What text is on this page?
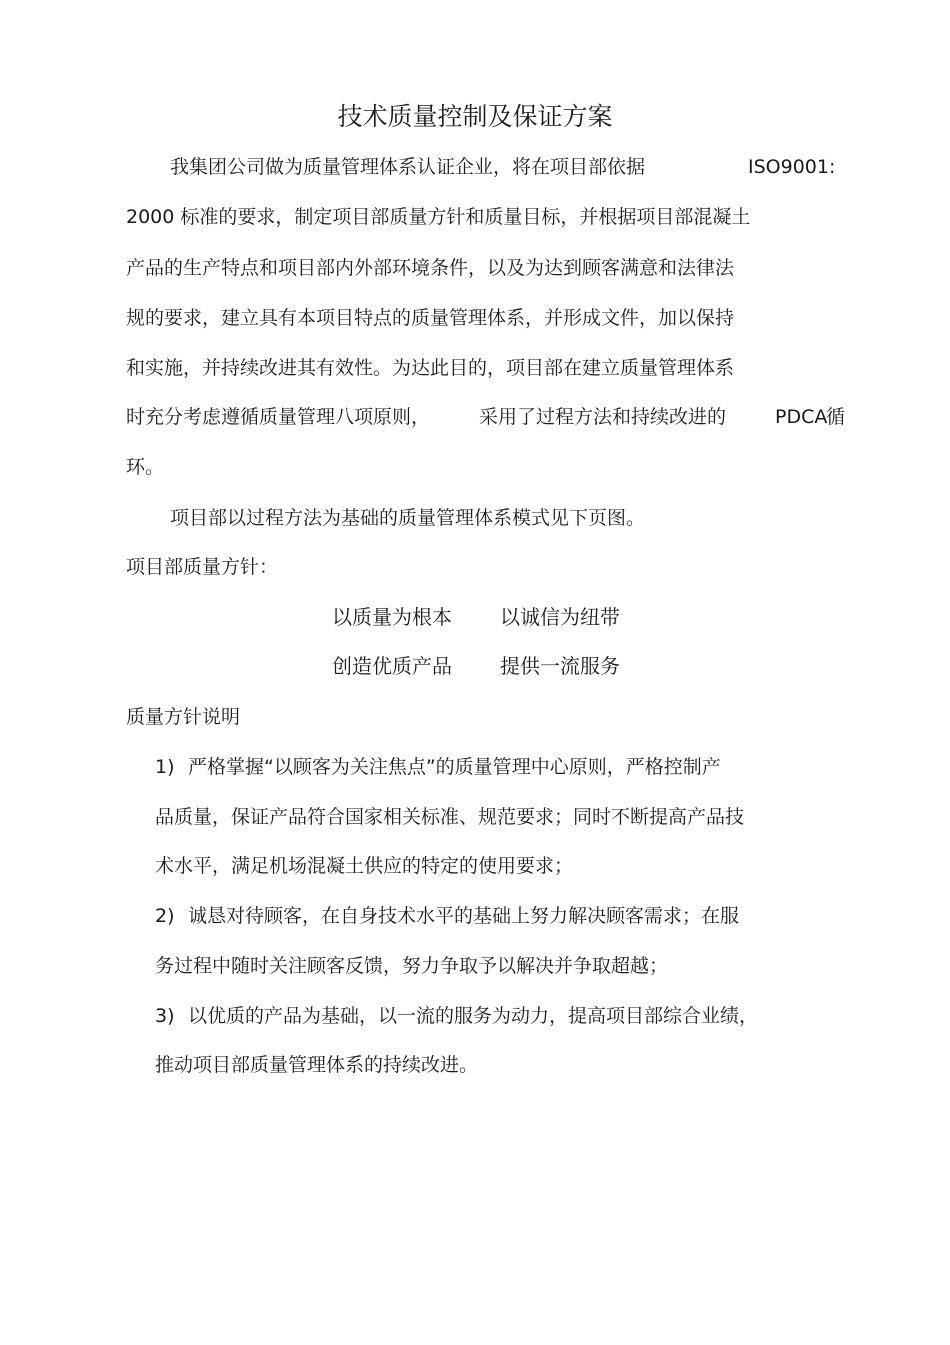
技术质量控制及保证方案
我集团公司做为质量管理体系认证企业，将在项目部依据	ISO9001:
2000 标准的要求，制定项目部质量方针和质量目标，并根据项目部混凝土
产品的生产特点和项目部内外部环境条件，以及为达到顾客满意和法律法
规的要求，建立具有本项目特点的质量管理体系，并形成文件，加以保持
和实施，并持续改进其有效性。为达此目的，项目部在建立质量管理体系
时充分考虑遵循质量管理八项原则，	采用了过程方法和持续改进的	PDCA
循
环。
项目部以过程方法为基础的质量管理体系模式见下页图。
项目部质量方针：
以质量为根本 以诚信为纽带
创造优质产品 提供一流服务
质量方针说明
1) 严格掌握“以顾客为关注焦点”的质量管理中心原则，严格控制产
品质量，保证产品符合国家相关标准、规范要求；同时不断提高产品技
术水平，满足机场混凝土供应的特定的使用要求；
2) 诚恳对待顾客，在自身技术水平的基础上努力解决顾客需求；在服
务过程中随时关注顾客反馈，努力争取予以解决并争取超越；
3) 以优质的产品为基础，以一流的服务为动力，提高项目部综合业绩，
推动项目部质量管理体系的持续改进。
